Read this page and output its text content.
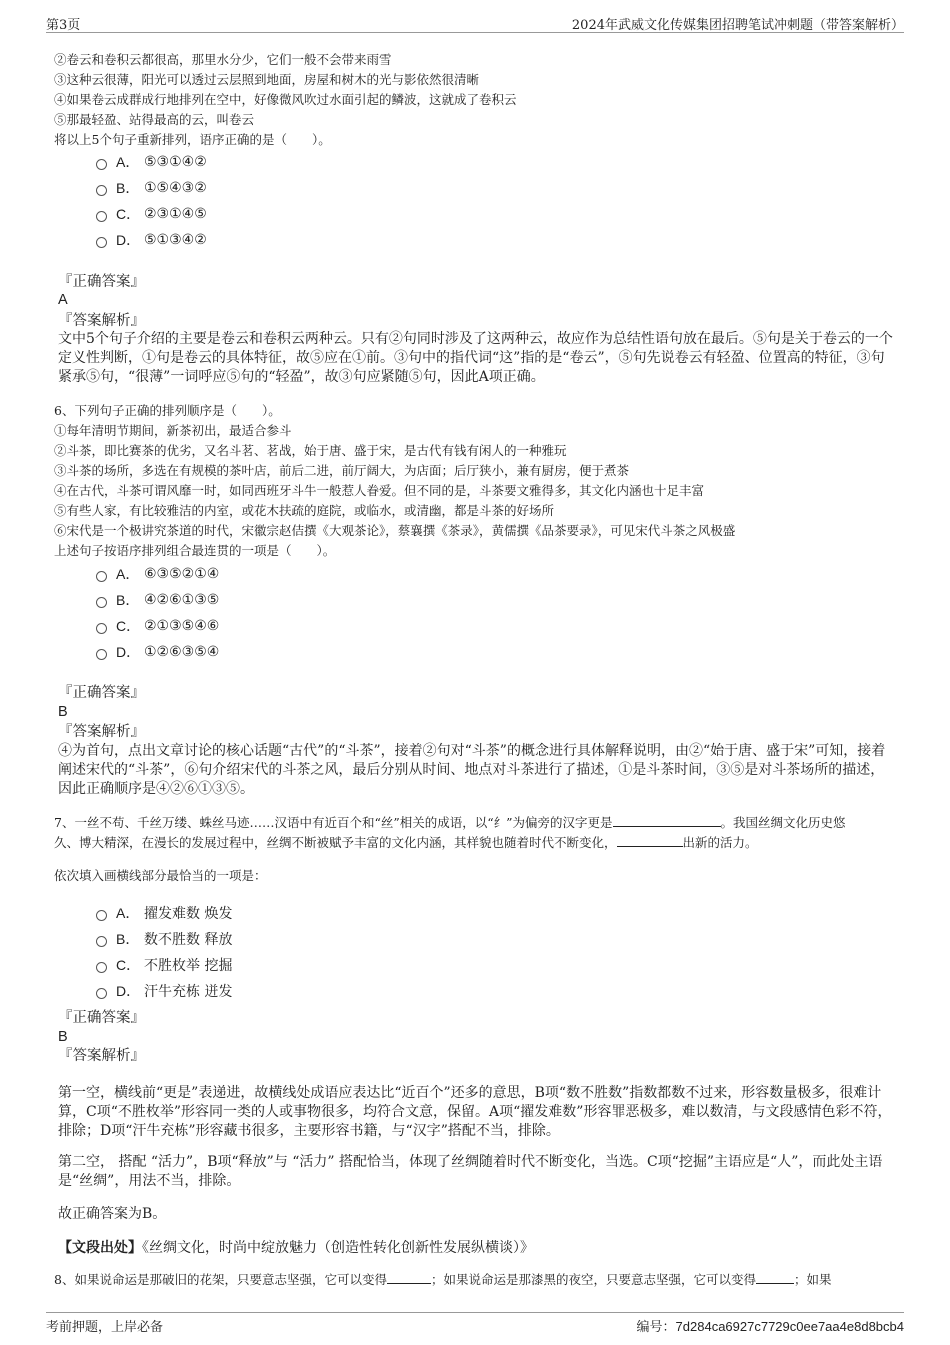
第3页	2024年武威文化传媒集团招聘笔试冲刺题（带答案解析）
②卷云和卷积云都很高，那里水分少，它们一般不会带来雨雪
③这种云很薄，阳光可以透过云层照到地面，房屋和树木的光与影依然很清晰
④如果卷云成群成行地排列在空中，好像微风吹过水面引起的鳞波，这就成了卷积云
⑤那最轻盈、站得最高的云，叫卷云
将以上5个句子重新排列，语序正确的是（　　）。
A． ⑤③①④②
B． ①⑤④③②
C． ②③①④⑤
D． ⑤①③④②
『正确答案』
A
『答案解析』
文中5个句子介绍的主要是卷云和卷积云两种云。只有②句同时涉及了这两种云，故应作为总结性语句放在最后。⑤句是关于卷云的一个定义性判断，①句是卷云的具体特征，故⑤应在①前。③句中的指代词“这”指的是“卷云”，⑤句先说卷云有轻盈、位置高的特征，③句紧承⑤句，“很薄”一词呼应⑤句的“轻盈”，故③句应紧随⑤句，因此A项正确。
6、下列句子正确的排列顺序是（　　）。
①每年清明节期间，新茶初出，最适合参斗
②斗茶，即比赛茶的优劣，又名斗茗、茗战，始于唐、盛于宋，是古代有钱有闲人的一种雅玩
③斗茶的场所，多选在有规模的茶叶店，前后二进，前厅阔大，为店面；后厅狭小，兼有厨房，便于煮茶
④在古代，斗茶可谓风靡一时，如同西班牙斗牛一般惹人眷爱。但不同的是，斗茶要文雅得多，其文化内涵也十足丰富
⑤有些人家，有比较雅洁的内室，或花木扶疏的庭院，或临水，或清幽，都是斗茶的好场所
⑥宋代是一个极讲究茶道的时代，宋徽宗赵佶撰《大观茶论》，蔡襄撰《茶录》，黄儒撰《品茶要录》，可见宋代斗茶之风极盛
上述句子按语序排列组合最连贯的一项是（　　）。
A． ⑥③⑤②①④
B． ④②⑥①③⑤
C． ②①③⑤④⑥
D． ①②⑥③⑤④
『正确答案』
B
『答案解析』
④为首句，点出文章讨论的核心话题“古代”的“斗茶”，接着②句对“斗茶”的概念进行具体解释说明，由②“始于唐、盛于宋”可知，接着阐述宋代的“斗茶”，⑥句介绍宋代的斗茶之风，最后分别从时间、地点对斗茶进行了描述，①是斗茶时间，③⑤是对斗茶场所的描述，因此正确顺序是④②⑥①③⑤。
7、一丝不苟、千丝万缕、蛛丝马迹……汉语中有近百个和“丝”相关的成语，以“纟”为偏旁的汉字更是	。我国丝绸文化历史悠
久、博大精深，在漫长的发展过程中，丝绸不断被赋予丰富的文化内涵，其样貌也随着时代不断变化，	出新的活力。
依次填入画横线部分最恰当的一项是：
A． 擢发难数 焕发
B． 数不胜数 释放
C． 不胜枚举 挖掘
D． 汗牛充栋 迸发
『正确答案』
B
『答案解析』
第一空，横线前“更是”表递进，故横线处成语应表达比“近百个”还多的意思，B项“数不胜数”指数都数不过来，形容数量极多，很难计算，C项“不胜枚举”形容同一类的人或事物很多，均符合文意，保留。A项“擢发难数”形容罪恶极多，难以数清，与文段感情色彩不符，排除；D项“汗牛充栋”形容藏书很多，主要形容书籍，与“汉字”搭配不当，排除。
第二空， 搭配 “活力”，B项“释放”与 “活力” 搭配恰当，体现了丝绸随着时代不断变化，当选。C项“挖掘”主语应是“人”，而此处主语是“丝绸”，用法不当，排除。
故正确答案为B。
【文段出处】《丝绸文化，时尚中绽放魅力（创造性转化创新性发展纵横谈）》
8、如果说命运是那破旧的花架，只要意志坚强，它可以变得	；如果说命运是那漆黑的夜空，只要意志坚强，它可以变得	；如果
考前押题，上岸必备	编号：7d284ca6927c7729c0ee7aa4e8d8bcb4
